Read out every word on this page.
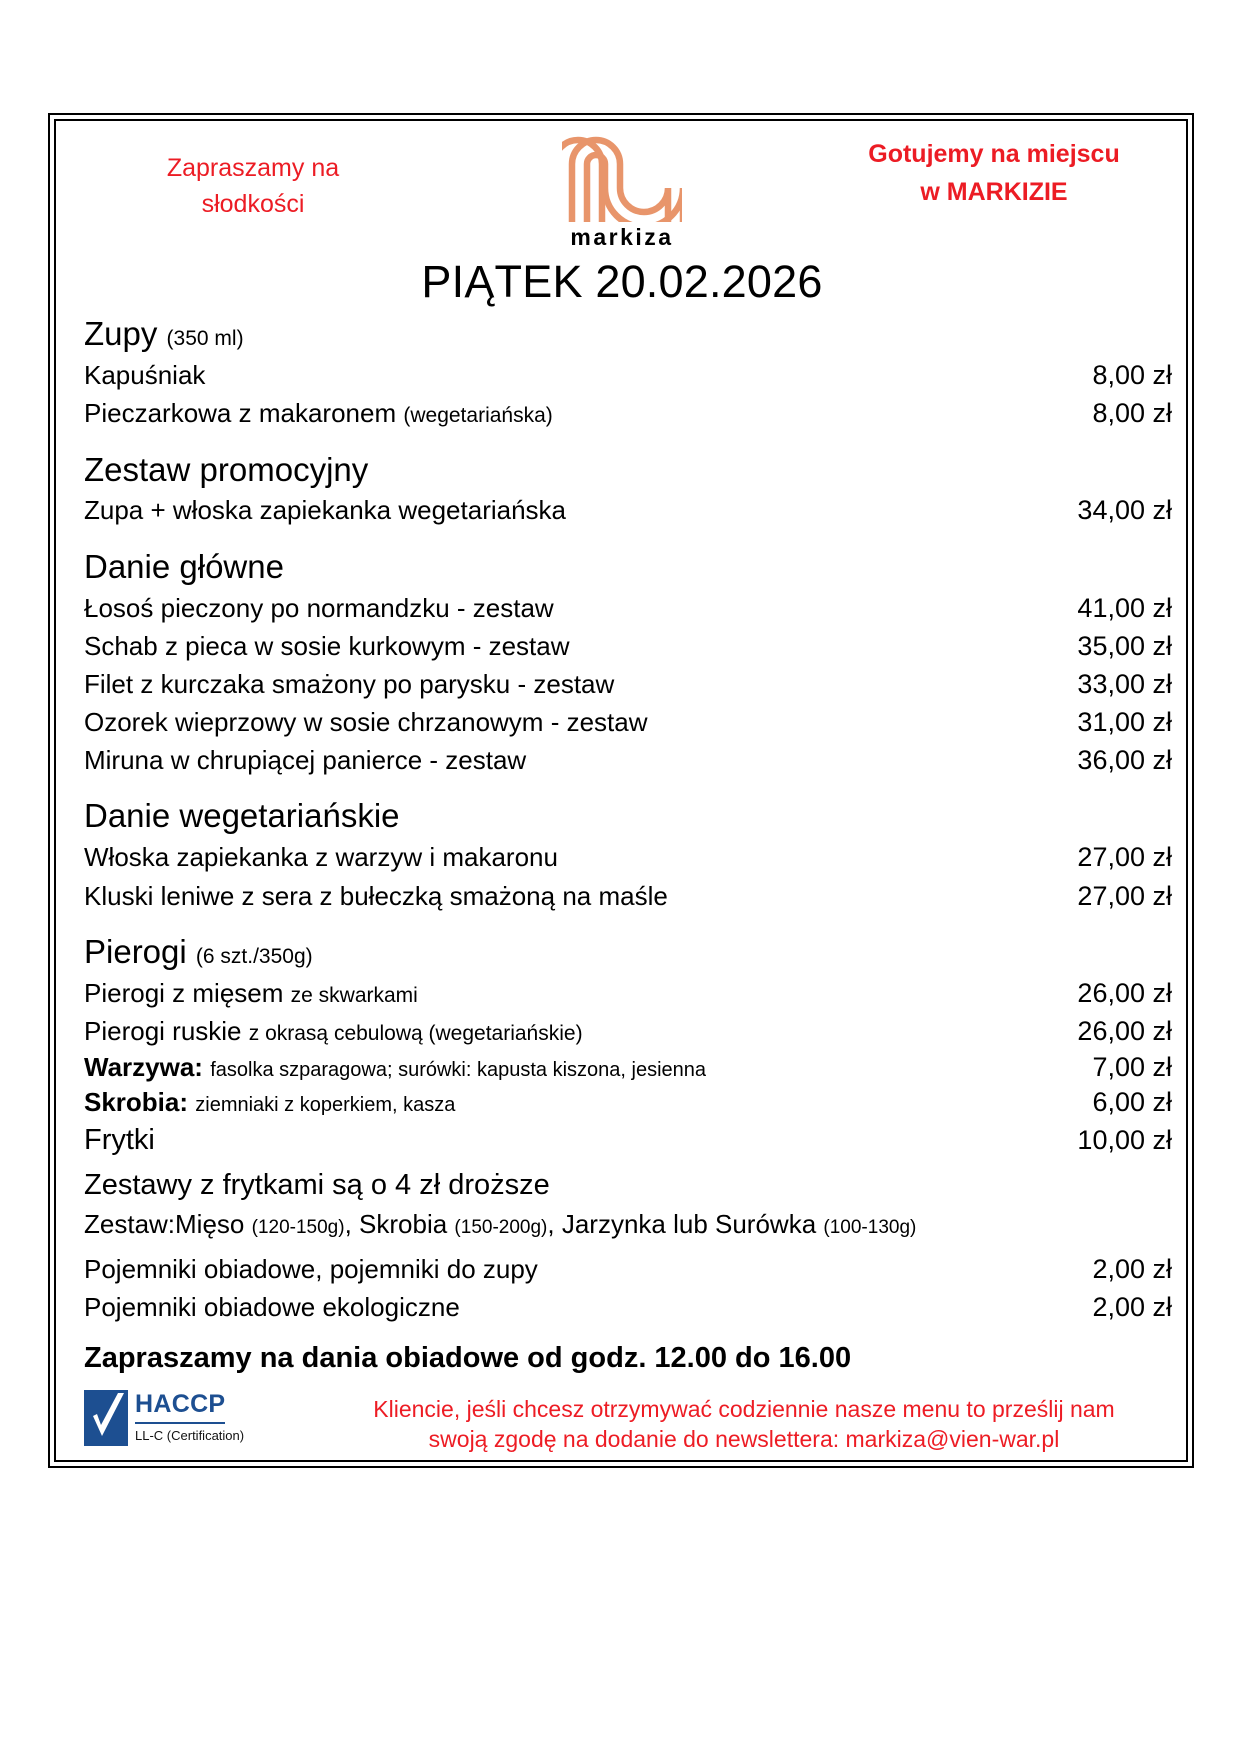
Zapraszamy na
słodkości
markiza
Gotujemy na miejscu
w MARKIZIE
PIĄTEK 20.02.2026
Zupy (350 ml)
Kapuśniak	8,00 zł
Pieczarkowa z makaronem (wegetariańska)	8,00 zł
Zestaw promocyjny
Zupa + włoska zapiekanka wegetariańska	34,00 zł
Danie główne
Łosoś pieczony po normandzku - zestaw	41,00 zł
Schab z pieca w sosie kurkowym - zestaw	35,00 zł
Filet z kurczaka smażony po parysku - zestaw	33,00 zł
Ozorek wieprzowy w sosie chrzanowym - zestaw	31,00 zł
Miruna w chrupiącej panierce - zestaw	36,00 zł
Danie wegetariańskie
Włoska zapiekanka z warzyw i makaronu	27,00 zł
Kluski leniwe z sera z bułeczką smażoną na maśle	27,00 zł
Pierogi (6 szt./350g)
Pierogi z mięsem ze skwarkami	26,00 zł
Pierogi ruskie z okrasą cebulową (wegetariańskie)	26,00 zł
Warzywa: fasolka szparagowa; surówki: kapusta kiszona, jesienna	7,00 zł
Skrobia: ziemniaki z koperkiem, kasza	6,00 zł
Frytki	10,00 zł
Zestawy z frytkami są o 4 zł droższe
Zestaw:Mięso (120-150g), Skrobia (150-200g), Jarzynka lub Surówka (100-130g)
Pojemniki obiadowe, pojemniki do zupy	2,00 zł
Pojemniki obiadowe ekologiczne	2,00 zł
Zapraszamy na dania obiadowe od godz. 12.00 do 16.00
HACCP
LL-C (Certification)
Kliencie, jeśli chcesz otrzymywać codziennie nasze menu to prześlij nam
swoją zgodę na dodanie do newslettera: markiza@vien-war.pl
